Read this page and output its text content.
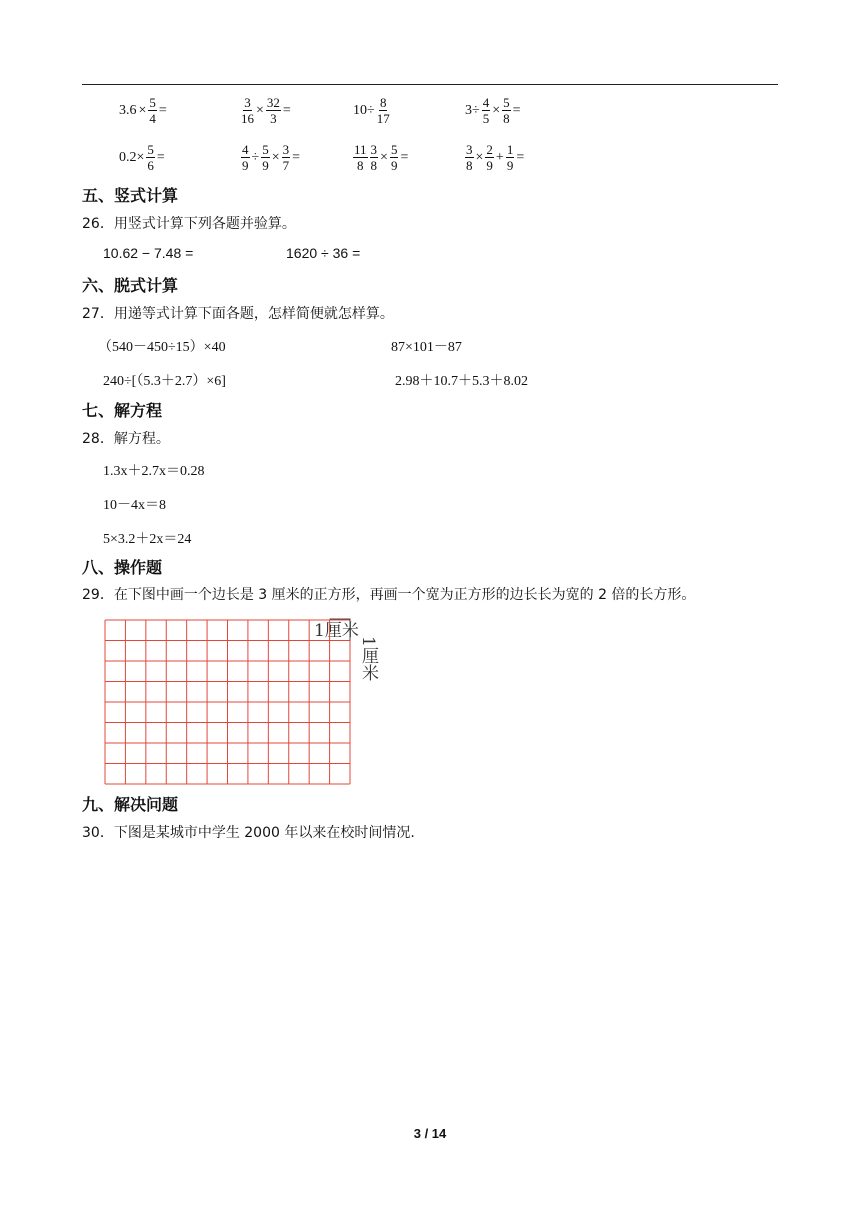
$3.6 \times \frac{5}{4}$ =	$\frac{3}{16} \times \frac{32}{3}$ =	$10\div \frac{8}{17}$	$3\div \frac{4}{5} \times \frac{5}{8}$ =
$0.2\times \frac{5}{6}$ =	$\frac{4}{9} \div \frac{5}{9} \times \frac{3}{7}$ =	$\frac{11}{8} \frac{3}{8} \times \frac{5}{9}$ =	$\frac{3}{8} \times \frac{2}{9} + \frac{1}{9}$ =
五、竖式计算
26．用竖式计算下列各题并验算。
10.62 − 7.48 =	1620 ÷ 36 =
六、脱式计算
27．用递等式计算下面各题，怎样简便就怎样算。
（540－450÷15）×40	87×101－87
240÷[（5.3＋2.7）×6]	2.98＋10.7＋5.3＋8.02
七、解方程
28．解方程。
1.3x＋2.7x＝0.28
10－4x＝8
5×3.2＋2x＝24
八、操作题
29．在下图中画一个边长是 3 厘米的正方形，再画一个宽为正方形的边长长为宽的 2 倍的长方形。
1厘米
1厘米
九、解决问题
30．下图是某城市中学生 2000 年以来在校时间情况.
3 / 14
